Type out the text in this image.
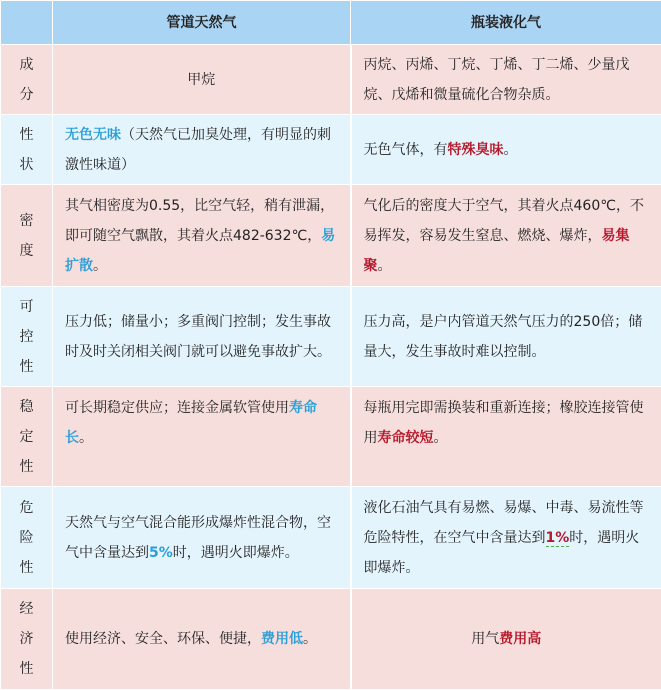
	管道天然气	瓶装液化气

成
分	甲烷	丙烷、丙烯、丁烷、丁烯、丁二烯、少量戊烷、戊烯和微量硫化合物杂质。

性
状	无色无味（天然气已加臭处理，有明显的刺激性味道）	无色气体，有特殊臭味。

密
度	其气相密度为0.55，比空气轻，稍有泄漏，即可随空气飘散，其着火点482-632℃，易扩散。	气化后的密度大于空气，其着火点460℃，不易挥发，容易发生窒息、燃烧、爆炸，易集聚。

可
控
性	压力低；储量小；多重阀门控制；发生事故时及时关闭相关阀门就可以避免事故扩大。	压力高，是户内管道天然气压力的250倍；储量大，发生事故时难以控制。

稳
定
性	可长期稳定供应；连接金属软管使用寿命长。	每瓶用完即需换装和重新连接；橡胶连接管使用寿命较短。

危
险
性	天然气与空气混合能形成爆炸性混合物，空气中含量达到5%时，遇明火即爆炸。	液化石油气具有易燃、易爆、中毒、易流性等危险特性，在空气中含量达到1%时，遇明火即爆炸。

经
济
性	使用经济、安全、环保、便捷，费用低。	用气费用高
